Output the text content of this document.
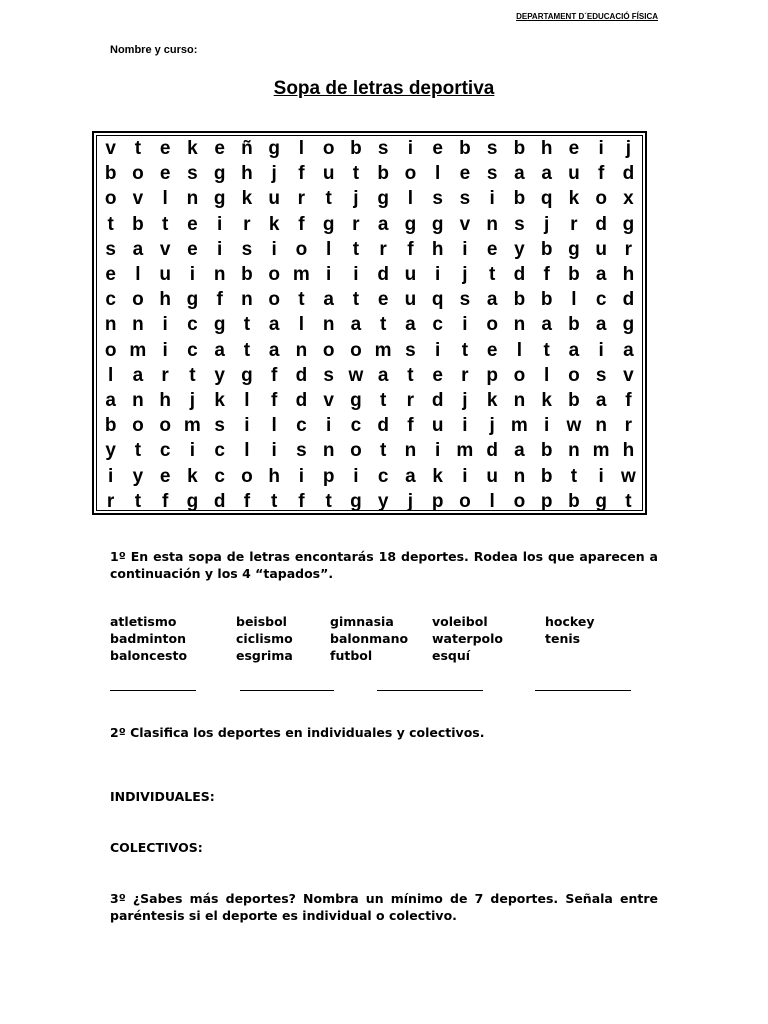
DEPARTAMENT D´EDUCACIÓ FÍSICA
Nombre y curso:
Sopa de letras deportiva
v t e k e ñ g l o b s	i	e b s b h e	i	j
b o e s g h j	f u t b o l	e s a a u f d
o v	l n g k u r	t	j g l	s s	i b q k o x
t b t e	i	r k f g r a g g v n s	j	r d g
s a v e	i	s	i o l	t	r	f h i	e y b g u r
e	l u i n b o m i	i d u i	j	t d f b a h
c o h g f n o t a t e u q s a b b l	c d
n n i	c g t a	l n a t a c	i o n a b a g
o m i	c a t a n o o m s	i	t e	l	t a	i	a
l	a r	t y g f d s w a t e r p o l o s v
a n h j	k	l	f d v g t	r d j	k n k b a f
b o o m s	i	l	c	i	c d f u i	j m i w n r
y t c	i	c	l	i	s n o t n i m d a b n m h
i	y e k c o h i p i	c a k	i u n b t	i w
r	t	f g d f	t	f	t g y	j p o l o p b g t
1º En esta sopa de letras encontarás 18 deportes. Rodea los que aparecen a continuación y los 4 “tapados”.
atletismo	beisbol	gimnasia	voleibol	hockey
badminton	ciclismo	balonmano waterpolo	tenis
baloncesto	esgrima	futbol	esquí
2º Clasifica los deportes en individuales y colectivos.
INDIVIDUALES:
COLECTIVOS:
3º ¿Sabes más deportes? Nombra un mínimo de 7 deportes. Señala entre paréntesis si el deporte es individual o colectivo.
